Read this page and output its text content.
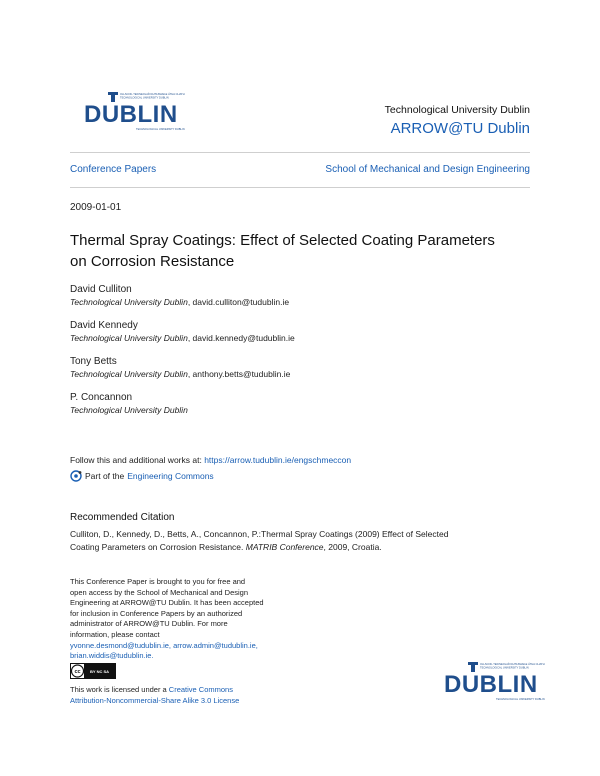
OLLSCOIL TEICNEOLAÍOCHTA BHAILE ÁTHA CLIATH
TECHNOLOGICAL UNIVERSITY DUBLIN
DUBLIN
TECHNOLOGICAL UNIVERSITY DUBLIN
Technological University Dublin
ARROW@TU Dublin
Conference Papers	School of Mechanical and Design Engineering
2009-01-01
Thermal Spray Coatings: Effect of Selected Coating Parameters
on Corrosion Resistance
David Culliton
Technological University Dublin, david.culliton@tudublin.ie
David Kennedy
Technological University Dublin, david.kennedy@tudublin.ie
Tony Betts
Technological University Dublin, anthony.betts@tudublin.ie
P. Concannon
Technological University Dublin
Follow this and additional works at: https://arrow.tudublin.ie/engschmeccon
Part of the Engineering Commons
Recommended Citation
Culliton, D., Kennedy, D., Betts, A., Concannon, P.:Thermal Spray Coatings (2009) Effect of Selected
Coating Parameters on Corrosion Resistance. MATRIB Conference, 2009, Croatia.
This Conference Paper is brought to you for free and
open access by the School of Mechanical and Design
Engineering at ARROW@TU Dublin. It has been accepted
for inclusion in Conference Papers by an authorized
administrator of ARROW@TU Dublin. For more
information, please contact
yvonne.desmond@tudublin.ie, arrow.admin@tudublin.ie,
brian.widdis@tudublin.ie.
cc BY NC SA
This work is licensed under a Creative Commons
Attribution-Noncommercial-Share Alike 3.0 License
OLLSCOIL TEICNEOLAÍOCHTA BHAILE ÁTHA CLIATH
TECHNOLOGICAL UNIVERSITY DUBLIN
DUBLIN
TECHNOLOGICAL UNIVERSITY DUBLIN
